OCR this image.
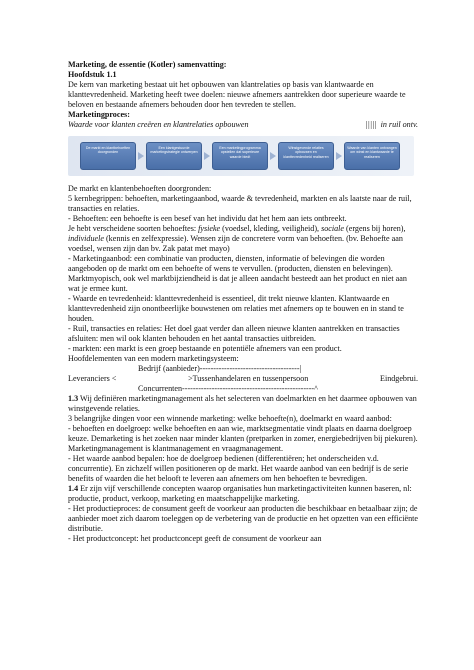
Marketing, de essentie (Kotler) samenvatting:

Hoofdstuk 1.1

De kern van marketing bestaat uit het opbouwen van klantrelaties op basis van klantwaarde en klanttevredenheid. Marketing heeft twee doelen: nieuwe afnemers aantrekken door superieure waarde te beloven en bestaande afnemers behouden door hen tevreden te stellen.

Marketingproces:

Waarde voor klanten creëren en klantrelaties opbouwen	||||| in ruil ontv.

De markt en klantbehoeften doorgronden
Een klantgestuurde marketingstrategie ontwerpen
Een marketingprogramma opstellen dat superieure waarde biedt
Winstgevende relaties opbouwen en klanttevredenheid realiseren
Waarde van klanten ontvangen om winst en klantwaarde te realiseren

De markt en klantenbehoeften doorgronden:

5 kernbegrippen: behoeften, marketingaanbod, waarde & tevredenheid, markten en als laatste naar de ruil, transacties en relaties.

- Behoeften: een behoefte is een besef van het individu dat het hem aan iets ontbreekt.

Je hebt verscheidene soorten behoeftes: fysieke (voedsel, kleding, veiligheid), sociale (ergens bij horen), individuele (kennis en zelfexpressie). Wensen zijn de concretere vorm van behoeften. (bv. Behoefte aan voedsel, wensen zijn dan bv. Zak patat met mayo)

- Marketingaanbod: een combinatie van producten, diensten, informatie of belevingen die worden aangeboden op de markt om een behoefte of wens te vervullen. (producten, diensten en belevingen). Marktmyopisch, ook wel marktbijziendheid is dat je alleen aandacht besteedt aan het product en niet aan wat je ermee kunt.

- Waarde en tevredenheid: klanttevredenheid is essentieel, dit trekt nieuwe klanten. Klantwaarde en klanttevredenheid zijn onontbeerlijke bouwstenen om relaties met afnemers op te bouwen en in stand te houden.

- Ruil, transacties en relaties: Het doel gaat verder dan alleen nieuwe klanten aantrekken en transacties afsluiten: men wil ook klanten behouden en het aantal transacties uitbreiden.

- markten: een markt is een groep bestaande en potentiële afnemers van een product.

Hoofdelementen van een modern marketingsysteem:

Bedrijf (aanbieder)-------------------------------------|

Leveranciers <	>Tussenhandelaren en tussenpersoon	Eindgebrui.

Concurrenten-------------------------------------------------^

1.3 Wij definiëren marketingmanagement als het selecteren van doelmarkten en het daarmee opbouwen van winstgevende relaties.

3 belangrijke dingen voor een winnende marketing: welke behoefte(n), doelmarkt en waard aanbod:

- behoeften en doelgroep: welke behoeften en aan wie, marktsegmentatie vindt plaats en daarna doelgroep keuze. Demarketing is het zoeken naar minder klanten (pretparken in zomer, energiebedrijven bij piekuren). Marketingmanagement is klantmanagement en vraagmanagement.

- Het waarde aanbod bepalen: hoe de doelgroep bedienen (differentiëren; het onderscheiden v.d. concurrentie). En zichzelf willen positioneren op de markt. Het waarde aanbod van een bedrijf is de serie benefits of waarden die het belooft te leveren aan afnemers om hen behoeften te bevredigen.

1.4 Er zijn vijf verschillende concepten waarop organisaties hun marketingactiviteiten kunnen baseren, nl: productie, product, verkoop, marketing en maatschappelijke marketing.

- Het productieproces: de consument geeft de voorkeur aan producten die beschikbaar en betaalbaar zijn; de aanbieder moet zich daarom toeleggen op de verbetering van de productie en het opzetten van een efficiënte distributie.

- Het productconcept: het productconcept geeft de consument de voorkeur aan
